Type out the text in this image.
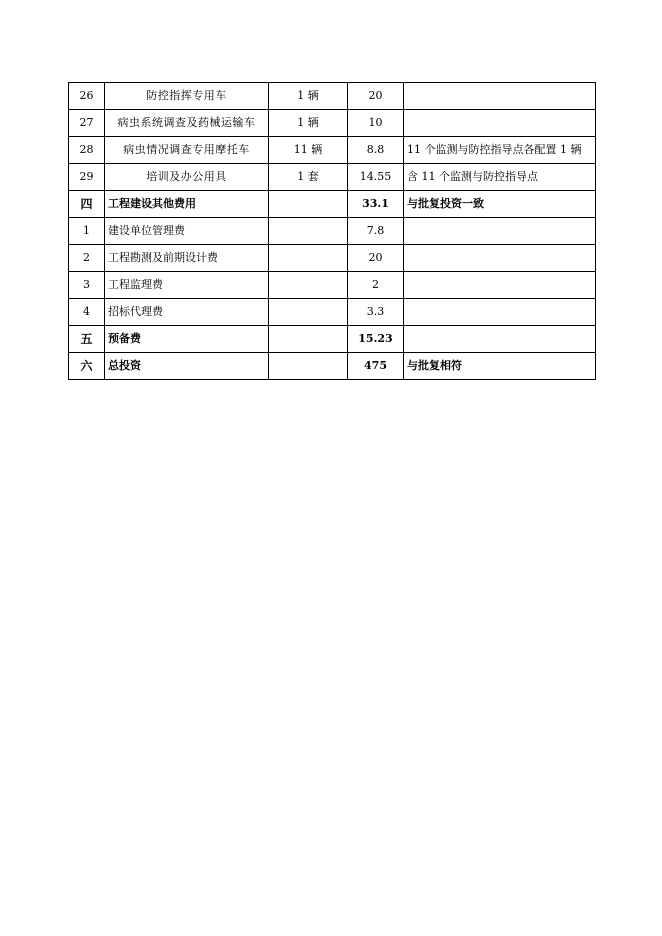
26	防控指挥专用车	1 辆	20	
27	病虫系统调查及药械运输车	1 辆	10	
28	病虫情况调查专用摩托车	11 辆	8.8	11 个监测与防控指导点各配置 1 辆
29	培训及办公用具	1 套	14.55	含 11 个监测与防控指导点
四	工程建设其他费用		33.1	与批复投资一致
1	建设单位管理费		7.8	
2	工程勘测及前期设计费		20	
3	工程监理费		2	
4	招标代理费		3.3	
五	预备费		15.23	
六	总投资		475	与批复相符
